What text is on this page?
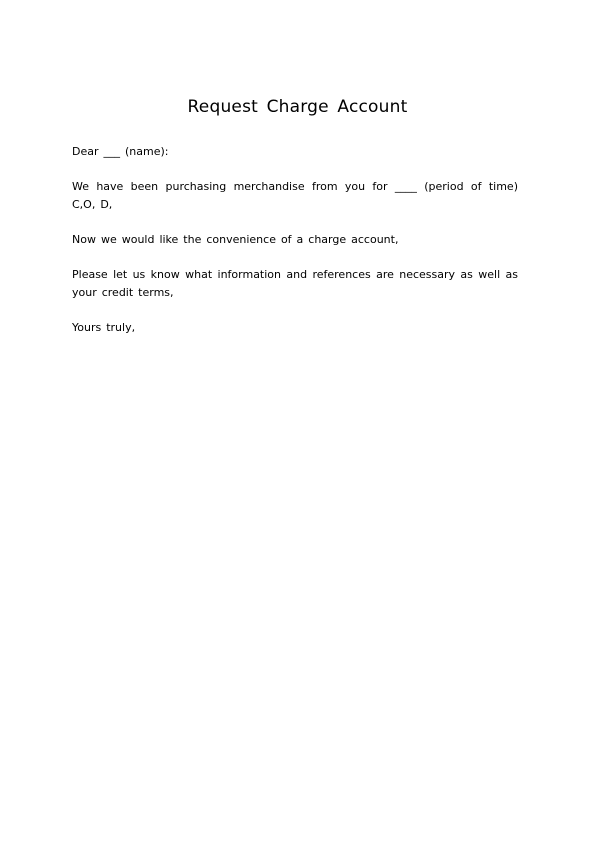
Request Charge Account
Dear ___ (name):
We have been purchasing merchandise from you for ____ (period of time) C,O, D,
Now we would like the convenience of a charge account,
Please let us know what information and references are necessary as well as your credit terms,
Yours truly,
